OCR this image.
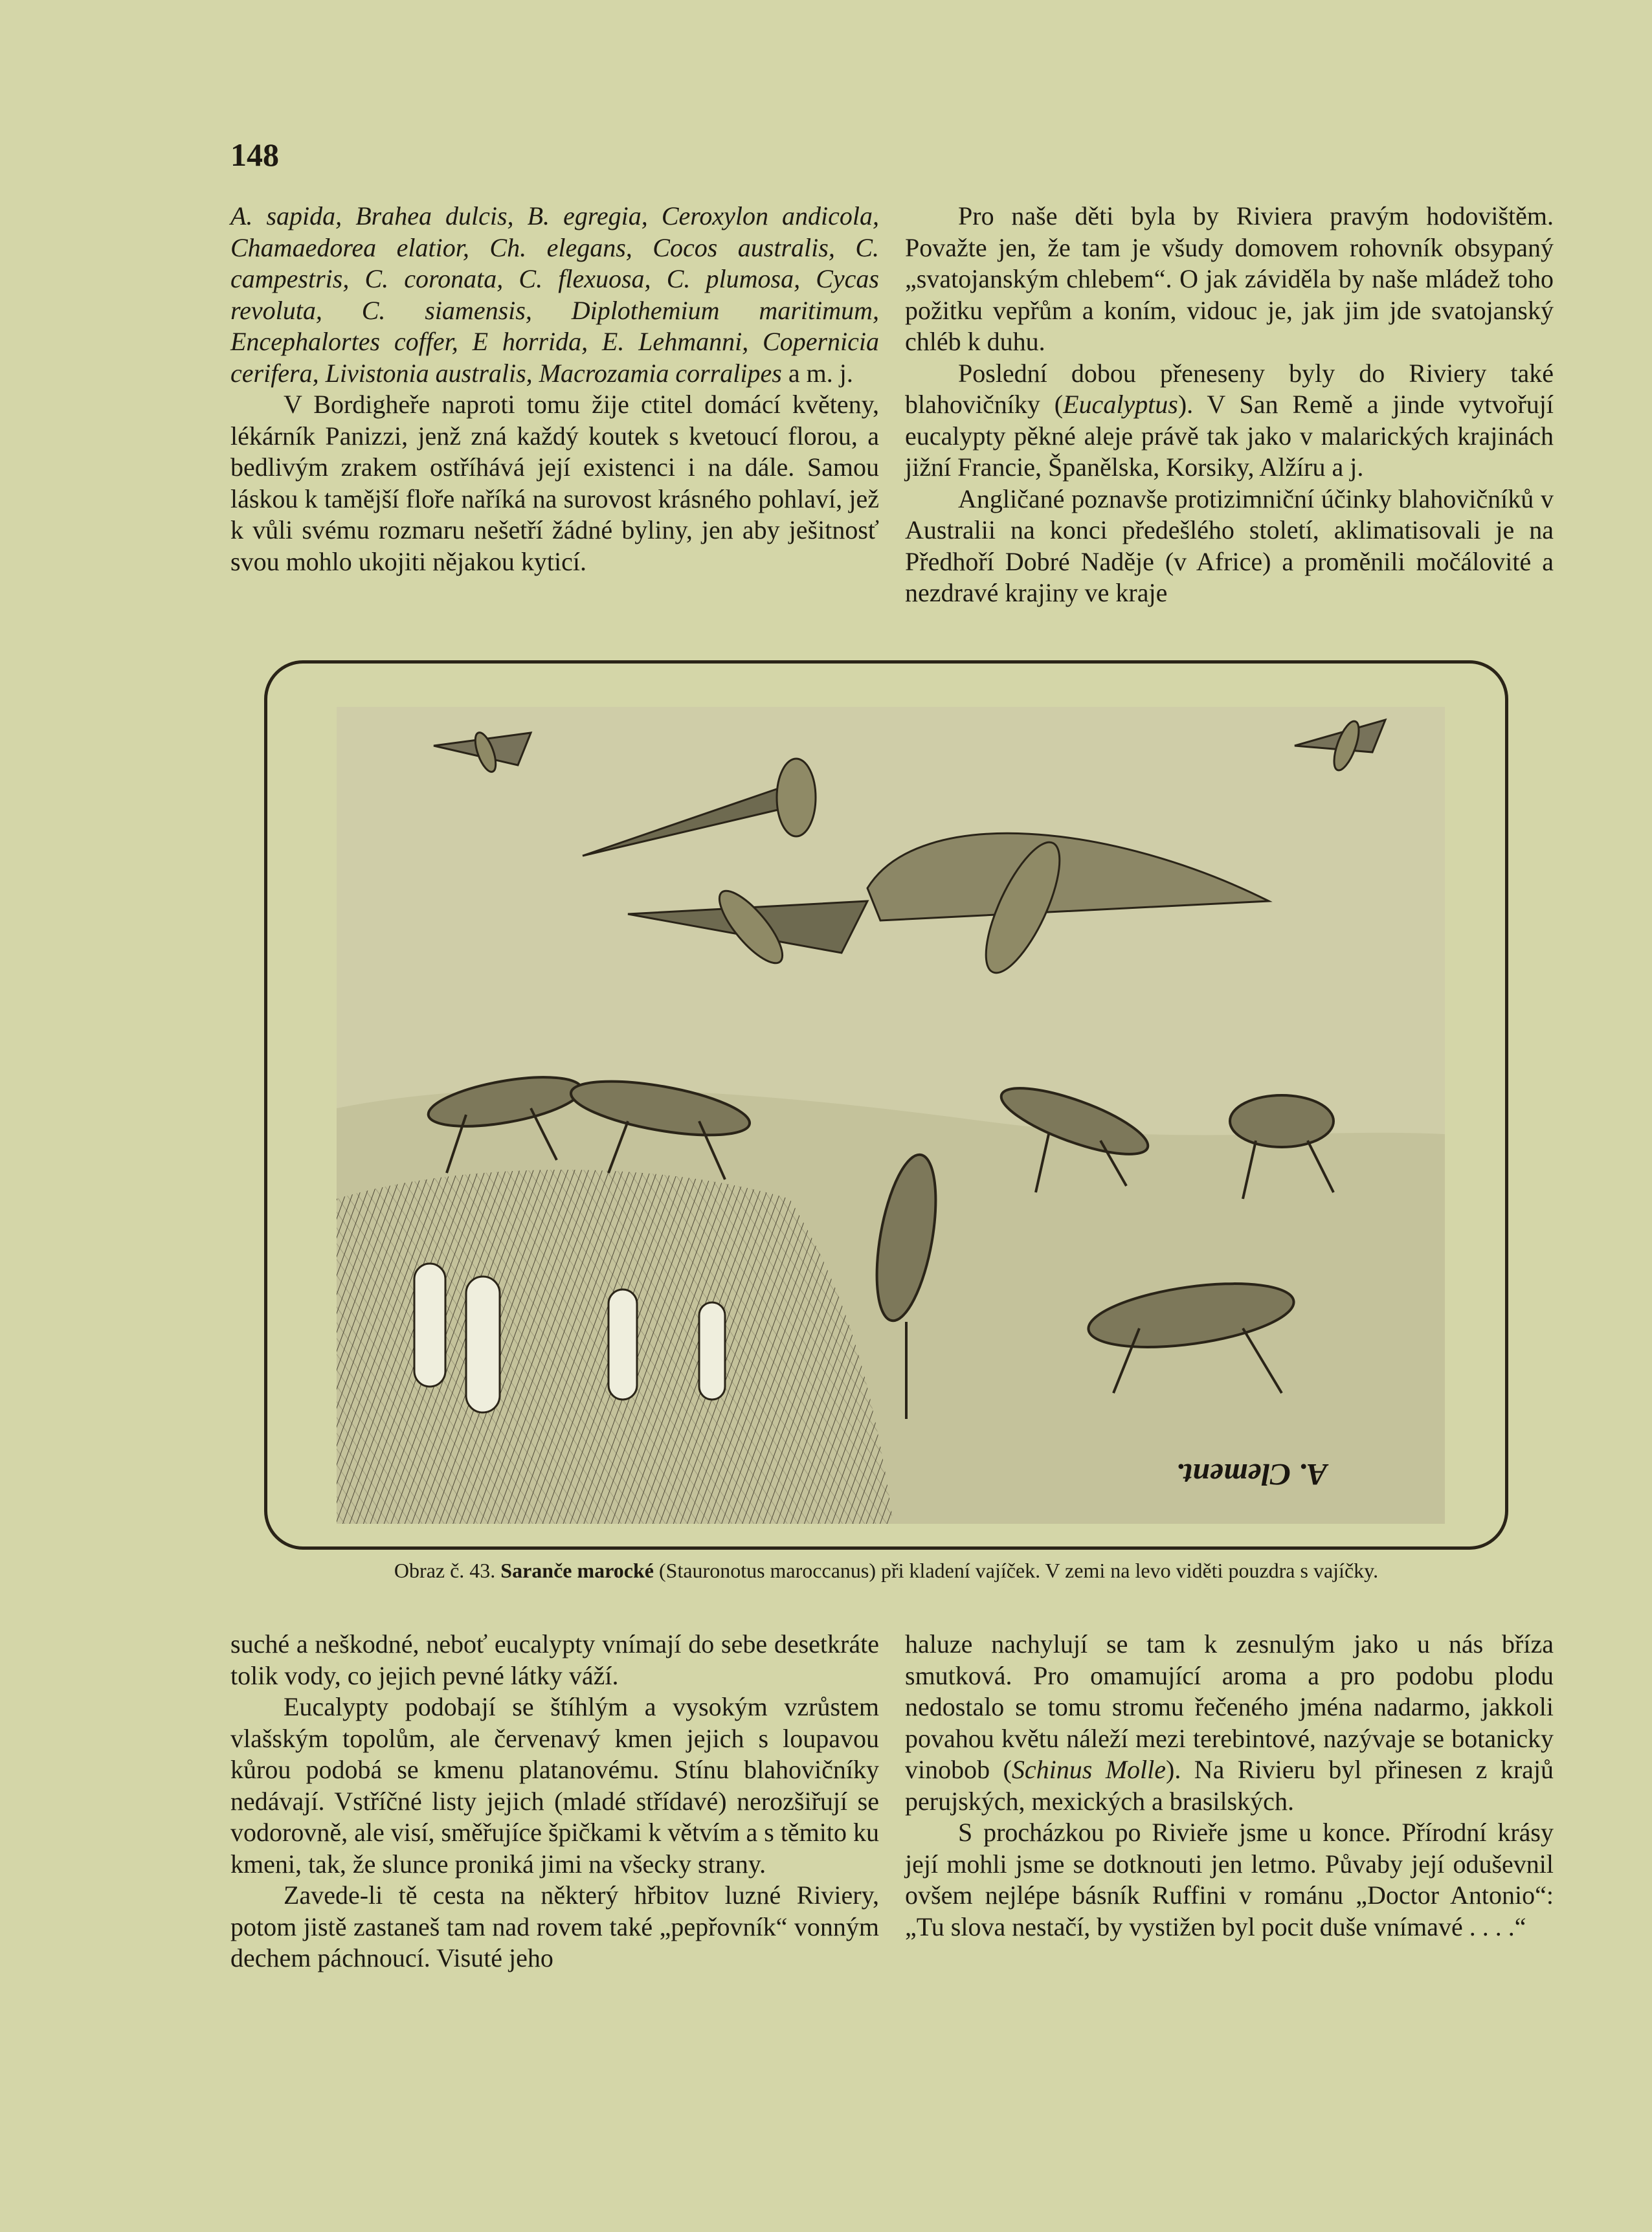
148

A. sapida, Brahea dulcis, B. egregia, Ceroxylon andicola, Chamaedorea elatior, Ch. elegans, Cocos australis, C. campestris, C. coronata, C. flexuosa, C. plumosa, Cycas revoluta, C. siamensis, Diplothemium maritimum, Encephalortes coffer, E horrida, E. Lehmanni, Copernicia cerifera, Livistonia australis, Macrozamia corralipes a m. j.

V Bordigheře naproti tomu žije ctitel domácí květeny, lékárník Panizzi, jenž zná každý koutek s kvetoucí florou, a bedlivým zrakem ostříhává její existenci i na dále. Samou láskou k tamější floře naříká na surovost krásného pohlaví, jež k vůli svému rozmaru nešetří žádné byliny, jen aby ješitnosť svou mohlo ukojiti nějakou kyticí.

Pro naše děti byla by Riviera pravým hodovištěm. Považte jen, že tam je všudy domovem rohovník obsypaný „svatojanským chlebem“. O jak záviděla by naše mládež toho požitku vepřům a koním, vidouc je, jak jim jde svatojanský chléb k duhu.

Poslední dobou přeneseny byly do Riviery také blahovičníky (Eucalyptus). V San Remě a jinde vytvořují eucalypty pěkné aleje právě tak jako v malarických krajinách jižní Francie, Španělska, Korsiky, Alžíru a j.

Angličané poznavše protizimniční účinky blahovičníků v Australii na konci předešlého století, aklimatisovali je na Předhoří Dobré Naděje (v Africe) a proměnili močálovité a nezdravé krajiny ve kraje

A. Clement.
Obraz č. 43. Saranče marocké (Stauronotus maroccanus) při kladení vajíček. V zemi na levo viděti pouzdra s vajíčky.

suché a neškodné, neboť eucalypty vnímají do sebe desetkráte tolik vody, co jejich pevné látky váží.

Eucalypty podobají se štíhlým a vysokým vzrůstem vlašským topolům, ale červenavý kmen jejich s loupavou kůrou podobá se kmenu platanovému. Stínu blahovičníky nedávají. Vstříčné listy jejich (mladé střídavé) nerozšiřují se vodorovně, ale visí, směřujíce špičkami k větvím a s těmito ku kmeni, tak, že slunce proniká jimi na všecky strany.

Zavede-li tě cesta na některý hřbitov luzné Riviery, potom jistě zastaneš tam nad rovem také „pepřovník“ vonným dechem páchnoucí. Visuté jeho

haluze nachylují se tam k zesnulým jako u nás bříza smutková. Pro omamující aroma a pro podobu plodu nedostalo se tomu stromu řečeného jména nadarmo, jakkoli povahou květu náleží mezi terebintové, nazývaje se botanicky vinobob (Schinus Molle). Na Rivieru byl přinesen z krajů perujských, mexických a brasilských.

S procházkou po Rivieře jsme u konce. Přírodní krásy její mohli jsme se dotknouti jen letmo. Půvaby její oduševnil ovšem nejlépe básník Ruffini v románu „Doctor Antonio“: „Tu slova nestačí, by vystižen byl pocit duše vnímavé . . . .“
